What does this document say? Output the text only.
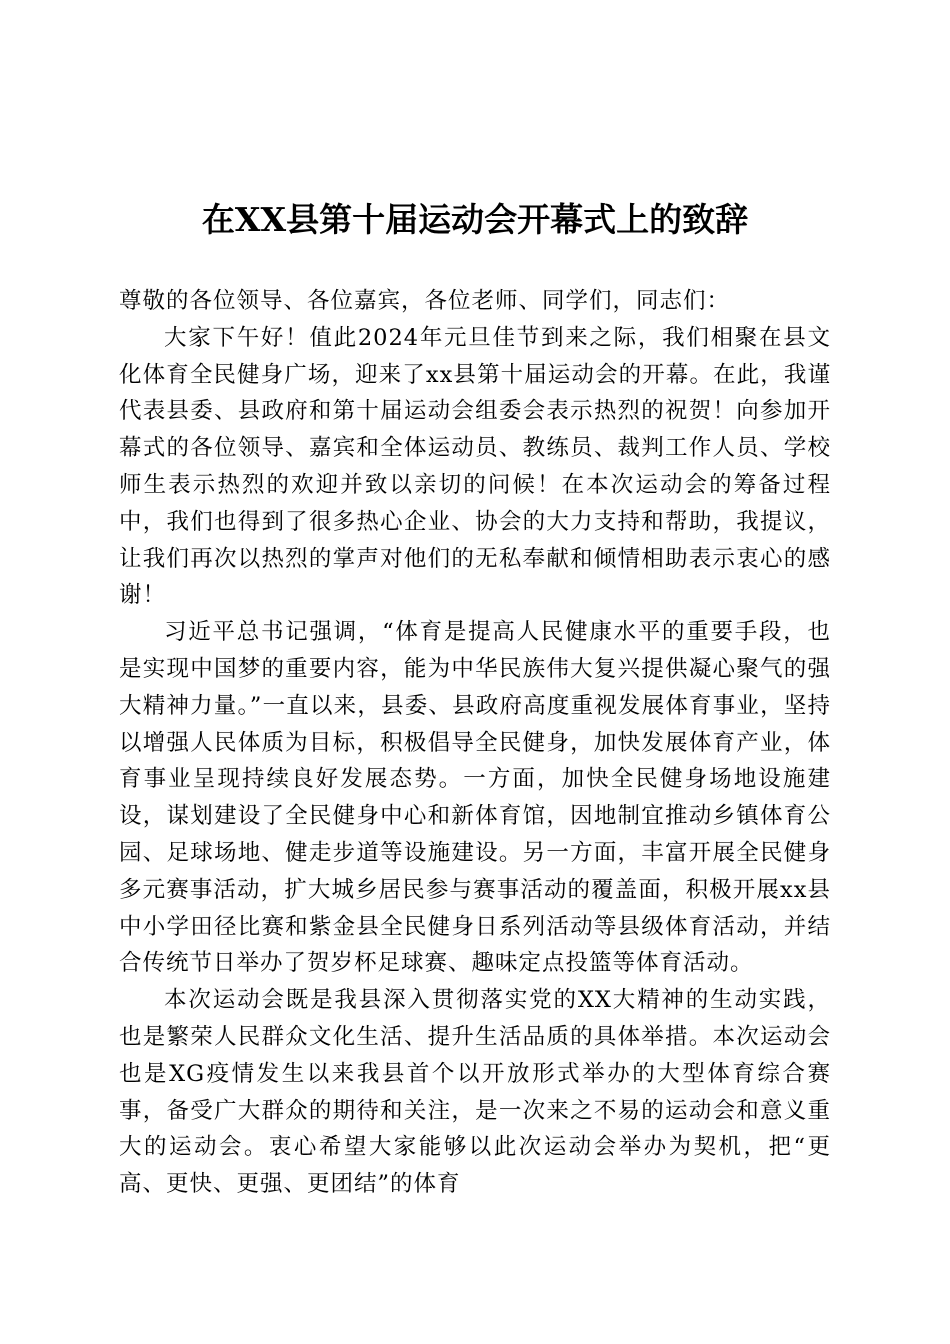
在XX县第十届运动会开幕式上的致辞

尊敬的各位领导、各位嘉宾，各位老师、同学们，同志们：

大家下午好！值此2024年元旦佳节到来之际，我们相聚在县文化体育全民健身广场，迎来了xx县第十届运动会的开幕。在此，我谨代表县委、县政府和第十届运动会组委会表示热烈的祝贺！向参加开幕式的各位领导、嘉宾和全体运动员、教练员、裁判工作人员、学校师生表示热烈的欢迎并致以亲切的问候！在本次运动会的筹备过程中，我们也得到了很多热心企业、协会的大力支持和帮助，我提议，让我们再次以热烈的掌声对他们的无私奉献和倾情相助表示衷心的感谢！

习近平总书记强调，“体育是提高人民健康水平的重要手段，也是实现中国梦的重要内容，能为中华民族伟大复兴提供凝心聚气的强大精神力量。”一直以来，县委、县政府高度重视发展体育事业，坚持以增强人民体质为目标，积极倡导全民健身，加快发展体育产业，体育事业呈现持续良好发展态势。一方面，加快全民健身场地设施建设，谋划建设了全民健身中心和新体育馆，因地制宜推动乡镇体育公园、足球场地、健走步道等设施建设。另一方面，丰富开展全民健身多元赛事活动，扩大城乡居民参与赛事活动的覆盖面，积极开展xx县中小学田径比赛和紫金县全民健身日系列活动等县级体育活动，并结合传统节日举办了贺岁杯足球赛、趣味定点投篮等体育活动。

本次运动会既是我县深入贯彻落实党的XX大精神的生动实践，也是繁荣人民群众文化生活、提升生活品质的具体举措。本次运动会也是XG疫情发生以来我县首个以开放形式举办的大型体育综合赛事，备受广大群众的期待和关注，是一次来之不易的运动会和意义重大的运动会。衷心希望大家能够以此次运动会举办为契机，把“更高、更快、更强、更团结”的体育
